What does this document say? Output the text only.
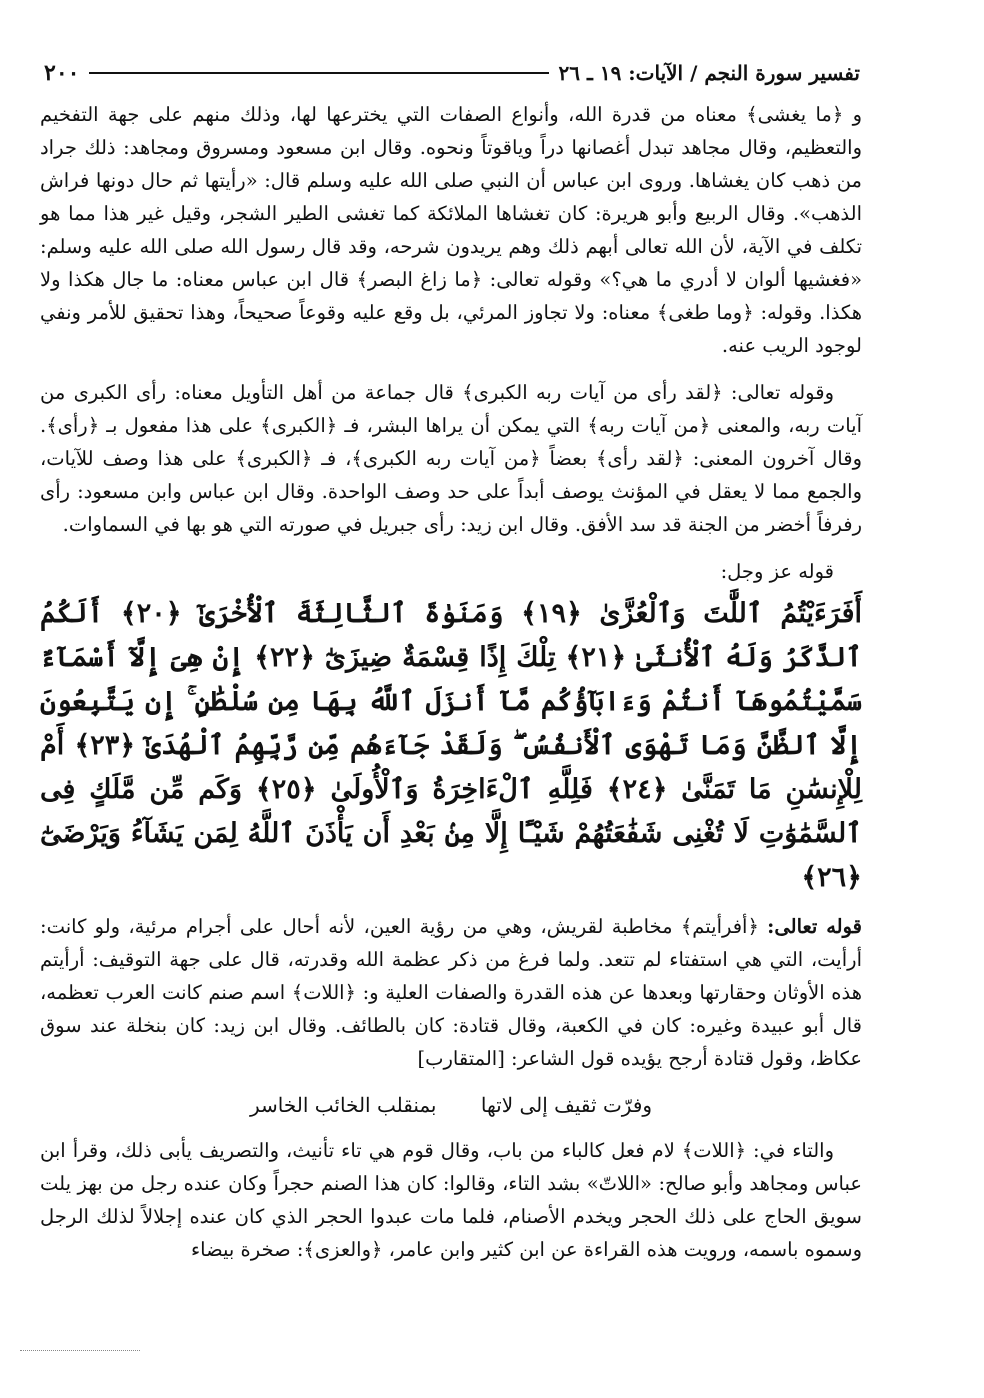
٢٠٠	تفسير سورة النجم / الآيات: ١٩ ـ ٢٦

و ﴿ما يغشى﴾ معناه من قدرة الله، وأنواع الصفات التي يخترعها لها، وذلك منهم على جهة التفخيم والتعظيم، وقال مجاهد تبدل أغصانها دراً وياقوتاً ونحوه. وقال ابن مسعود ومسروق ومجاهد: ذلك جراد من ذهب كان يغشاها. وروى ابن عباس أن النبي صلى الله عليه وسلم قال: «رأيتها ثم حال دونها فراش الذهب». وقال الربيع وأبو هريرة: كان تغشاها الملائكة كما تغشى الطير الشجر، وقيل غير هذا مما هو تكلف في الآية، لأن الله تعالى أبهم ذلك وهم يريدون شرحه، وقد قال رسول الله صلى الله عليه وسلم: «فغشيها ألوان لا أدري ما هي؟» وقوله تعالى: ﴿ما زاغ البصر﴾ قال ابن عباس معناه: ما جال هكذا ولا هكذا. وقوله: ﴿وما طغى﴾ معناه: ولا تجاوز المرئي، بل وقع عليه وقوعاً صحيحاً، وهذا تحقيق للأمر ونفي لوجود الريب عنه.

وقوله تعالى: ﴿لقد رأى من آيات ربه الكبرى﴾ قال جماعة من أهل التأويل معناه: رأى الكبرى من آيات ربه، والمعنى ﴿من آيات ربه﴾ التي يمكن أن يراها البشر، فـ ﴿الكبرى﴾ على هذا مفعول بـ ﴿رأى﴾. وقال آخرون المعنى: ﴿لقد رأى﴾ بعضاً ﴿من آيات ربه الكبرى﴾، فـ ﴿الكبرى﴾ على هذا وصف للآيات، والجمع مما لا يعقل في المؤنث يوصف أبداً على حد وصف الواحدة. وقال ابن عباس وابن مسعود: رأى رفرفاً أخضر من الجنة قد سد الأفق. وقال ابن زيد: رأى جبريل في صورته التي هو بها في السماوات.

قوله عز وجل:

أَفَرَءَيْتُمُ ٱللَّٰتَ وَٱلْعُزَّىٰ ﴿١٩﴾ وَمَنَوٰةَ ٱلثَّالِثَةَ ٱلْأُخْرَىٰٓ ﴿٢٠﴾ أَلَكُمُ ٱلذَّكَرُ وَلَهُ ٱلْأُنثَىٰ ﴿٢١﴾ تِلْكَ إِذًا قِسْمَةٌ ضِيزَىٰٓ ﴿٢٢﴾ إِنْ هِىَ إِلَّآ أَسْمَآءٌ سَمَّيْتُمُوهَآ أَنتُمْ وَءَابَآؤُكُم مَّآ أَنزَلَ ٱللَّهُ بِهَا مِن سُلْطَٰنٍ ۚ إِن يَتَّبِعُونَ إِلَّا ٱلظَّنَّ وَمَا تَهْوَى ٱلْأَنفُسُ ۖ وَلَقَدْ جَآءَهُم مِّن رَّبِّهِمُ ٱلْهُدَىٰٓ ﴿٢٣﴾ أَمْ لِلْإِنسَٰنِ مَا تَمَنَّىٰ ﴿٢٤﴾ فَلِلَّهِ ٱلْءَاخِرَةُ وَٱلْأُولَىٰ ﴿٢٥﴾ وَكَم مِّن مَّلَكٍ فِى ٱلسَّمَٰوَٰتِ لَا تُغْنِى شَفَٰعَتُهُمْ شَيْـًٔا إِلَّا مِنۢ بَعْدِ أَن يَأْذَنَ ٱللَّهُ لِمَن يَشَآءُ وَيَرْضَىٰٓ ﴿٢٦﴾

قوله تعالى: ﴿أفرأيتم﴾ مخاطبة لقريش، وهي من رؤية العين، لأنه أحال على أجرام مرئية، ولو كانت: أرأيت، التي هي استفتاء لم تتعد. ولما فرغ من ذكر عظمة الله وقدرته، قال على جهة التوقيف: أرأيتم هذه الأوثان وحقارتها وبعدها عن هذه القدرة والصفات العلية و: ﴿اللات﴾ اسم صنم كانت العرب تعظمه، قال أبو عبيدة وغيره: كان في الكعبة، وقال قتادة: كان بالطائف. وقال ابن زيد: كان بنخلة عند سوق عكاظ، وقول قتادة أرجح يؤيده قول الشاعر: [المتقارب]

وفرّت ثقيف إلى لاتها بمنقلب الخائب الخاسر

والتاء في: ﴿اللات﴾ لام فعل كالباء من باب، وقال قوم هي تاء تأنيث، والتصريف يأبى ذلك، وقرأ ابن عباس ومجاهد وأبو صالح: «اللاتّ» بشد التاء، وقالوا: كان هذا الصنم حجراً وكان عنده رجل من بهز يلت سويق الحاج على ذلك الحجر ويخدم الأصنام، فلما مات عبدوا الحجر الذي كان عنده إجلالاً لذلك الرجل وسموه باسمه، ورويت هذه القراءة عن ابن كثير وابن عامر، ﴿والعزى﴾: صخرة بيضاء
